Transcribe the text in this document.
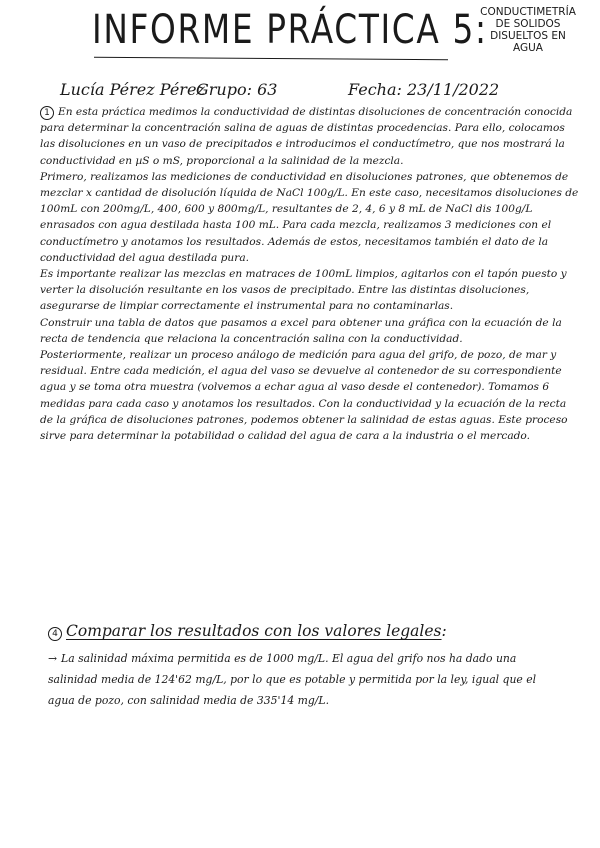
INFORME PRÁCTICA 5:
CONDUCTIMETRÍA
DE SOLIDOS
DISUELTOS EN
AGUA
Lucía Pérez Pérez
Grupo: 63	Fecha: 23/11/2022

1 En esta práctica medimos la conductividad de distintas disoluciones de concentración conocida para determinar la concentración salina de aguas de distintas procedencias. Para ello, colocamos las disoluciones en un vaso de precipitados e introducimos el conductímetro, que nos mostrará la conductividad en µS o mS, proporcional a la salinidad de la mezcla.

Primero, realizamos las mediciones de conductividad en disoluciones patrones, que obtenemos de mezclar x cantidad de disolución líquida de NaCl 100g/L. En este caso, necesitamos disoluciones de 100mL con 200mg/L, 400, 600 y 800mg/L, resultantes de 2, 4, 6 y 8 mL de NaCl dis 100g/L enrasados con agua destilada hasta 100 mL. Para cada mezcla, realizamos 3 mediciones con el conductímetro y anotamos los resultados. Además de estos, necesitamos también el dato de la conductividad del agua destilada pura.

Es importante realizar las mezclas en matraces de 100mL limpios, agitarlos con el tapón puesto y verter la disolución resultante en los vasos de precipitado. Entre las distintas disoluciones, asegurarse de limpiar correctamente el instrumental para no contaminarlas.

Construir una tabla de datos que pasamos a excel para obtener una gráfica con la ecuación de la recta de tendencia que relaciona la concentración salina con la conductividad.

Posteriormente, realizar un proceso análogo de medición para agua del grifo, de pozo, de mar y residual. Entre cada medición, el agua del vaso se devuelve al contenedor de su correspondiente agua y se toma otra muestra (volvemos a echar agua al vaso desde el contenedor). Tomamos 6 medidas para cada caso y anotamos los resultados. Con la conductividad y la ecuación de la recta de la gráfica de disoluciones patrones, podemos obtener la salinidad de estas aguas. Este proceso sirve para determinar la potabilidad o calidad del agua de cara a la industria o el mercado.

4 Comparar los resultados con los valores legales:
→ La salinidad máxima permitida es de 1000 mg/L. El agua del grifo nos ha dado una salinidad media de 124'62 mg/L, por lo que es potable y permitida por la ley, igual que el agua de pozo, con salinidad media de 335'14 mg/L.
